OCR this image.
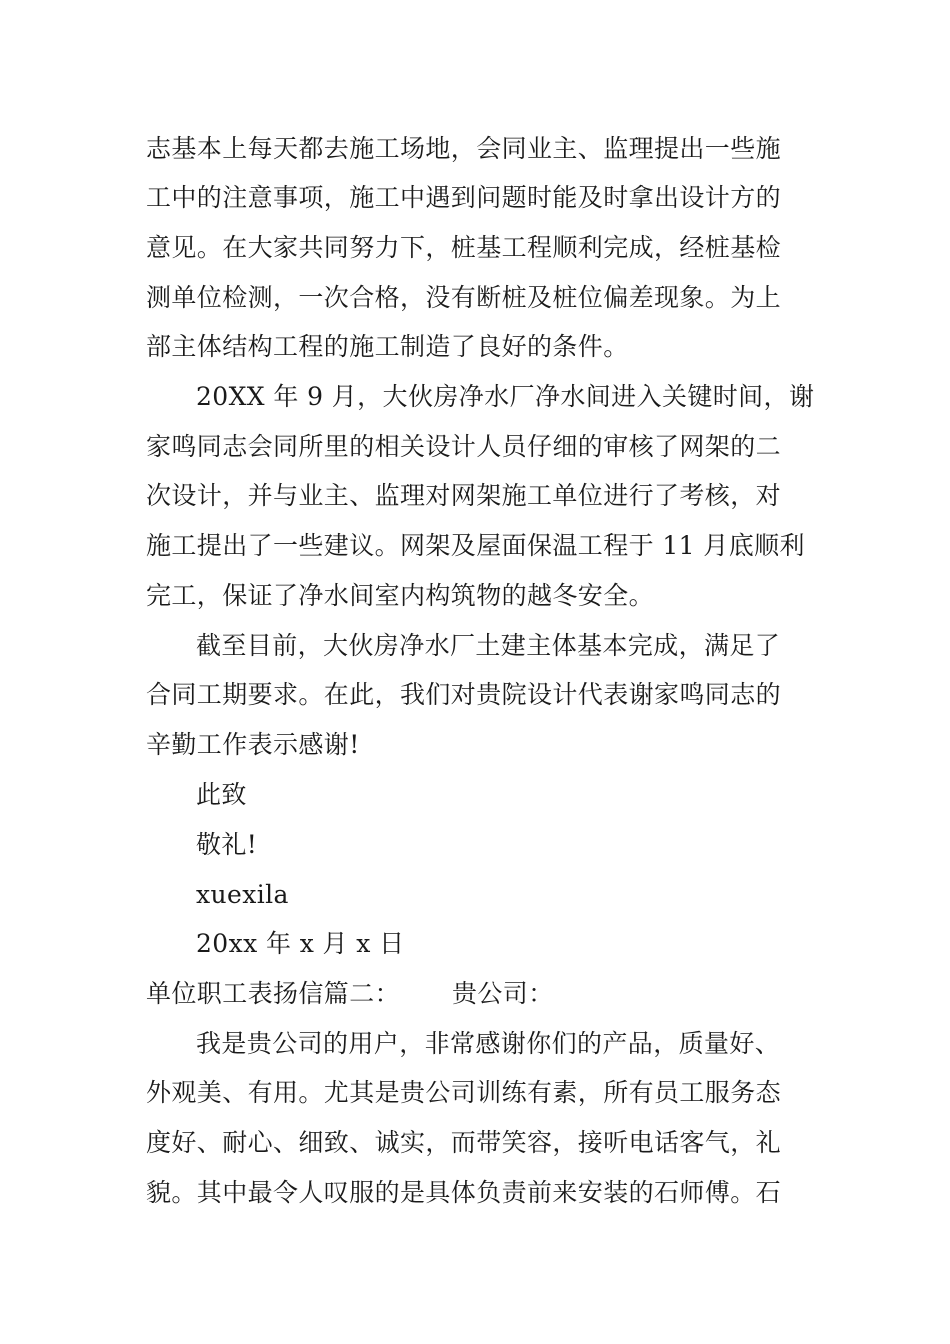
志基本上每天都去施工场地，会同业主、监理提出一些施
工中的注意事项，施工中遇到问题时能及时拿出设计方的
意见。在大家共同努力下，桩基工程顺利完成，经桩基检
测单位检测，一次合格，没有断桩及桩位偏差现象。为上
部主体结构工程的施工制造了良好的条件。
20XX 年 9 月，大伙房净水厂净水间进入关键时间，谢
家鸣同志会同所里的相关设计人员仔细的审核了网架的二
次设计，并与业主、监理对网架施工单位进行了考核，对
施工提出了一些建议。网架及屋面保温工程于 11 月底顺利
完工，保证了净水间室内构筑物的越冬安全。
截至目前，大伙房净水厂土建主体基本完成，满足了
合同工期要求。在此，我们对贵院设计代表谢家鸣同志的
辛勤工作表示感谢!
此致
敬礼!
xuexila
20xx 年 x 月 x 日
单位职工表扬信篇二： 贵公司：
我是贵公司的用户，非常感谢你们的产品，质量好、
外观美、有用。尤其是贵公司训练有素，所有员工服务态
度好、耐心、细致、诚实，而带笑容，接听电话客气，礼
貌。其中最令人叹服的是具体负责前来安装的石师傅。石
